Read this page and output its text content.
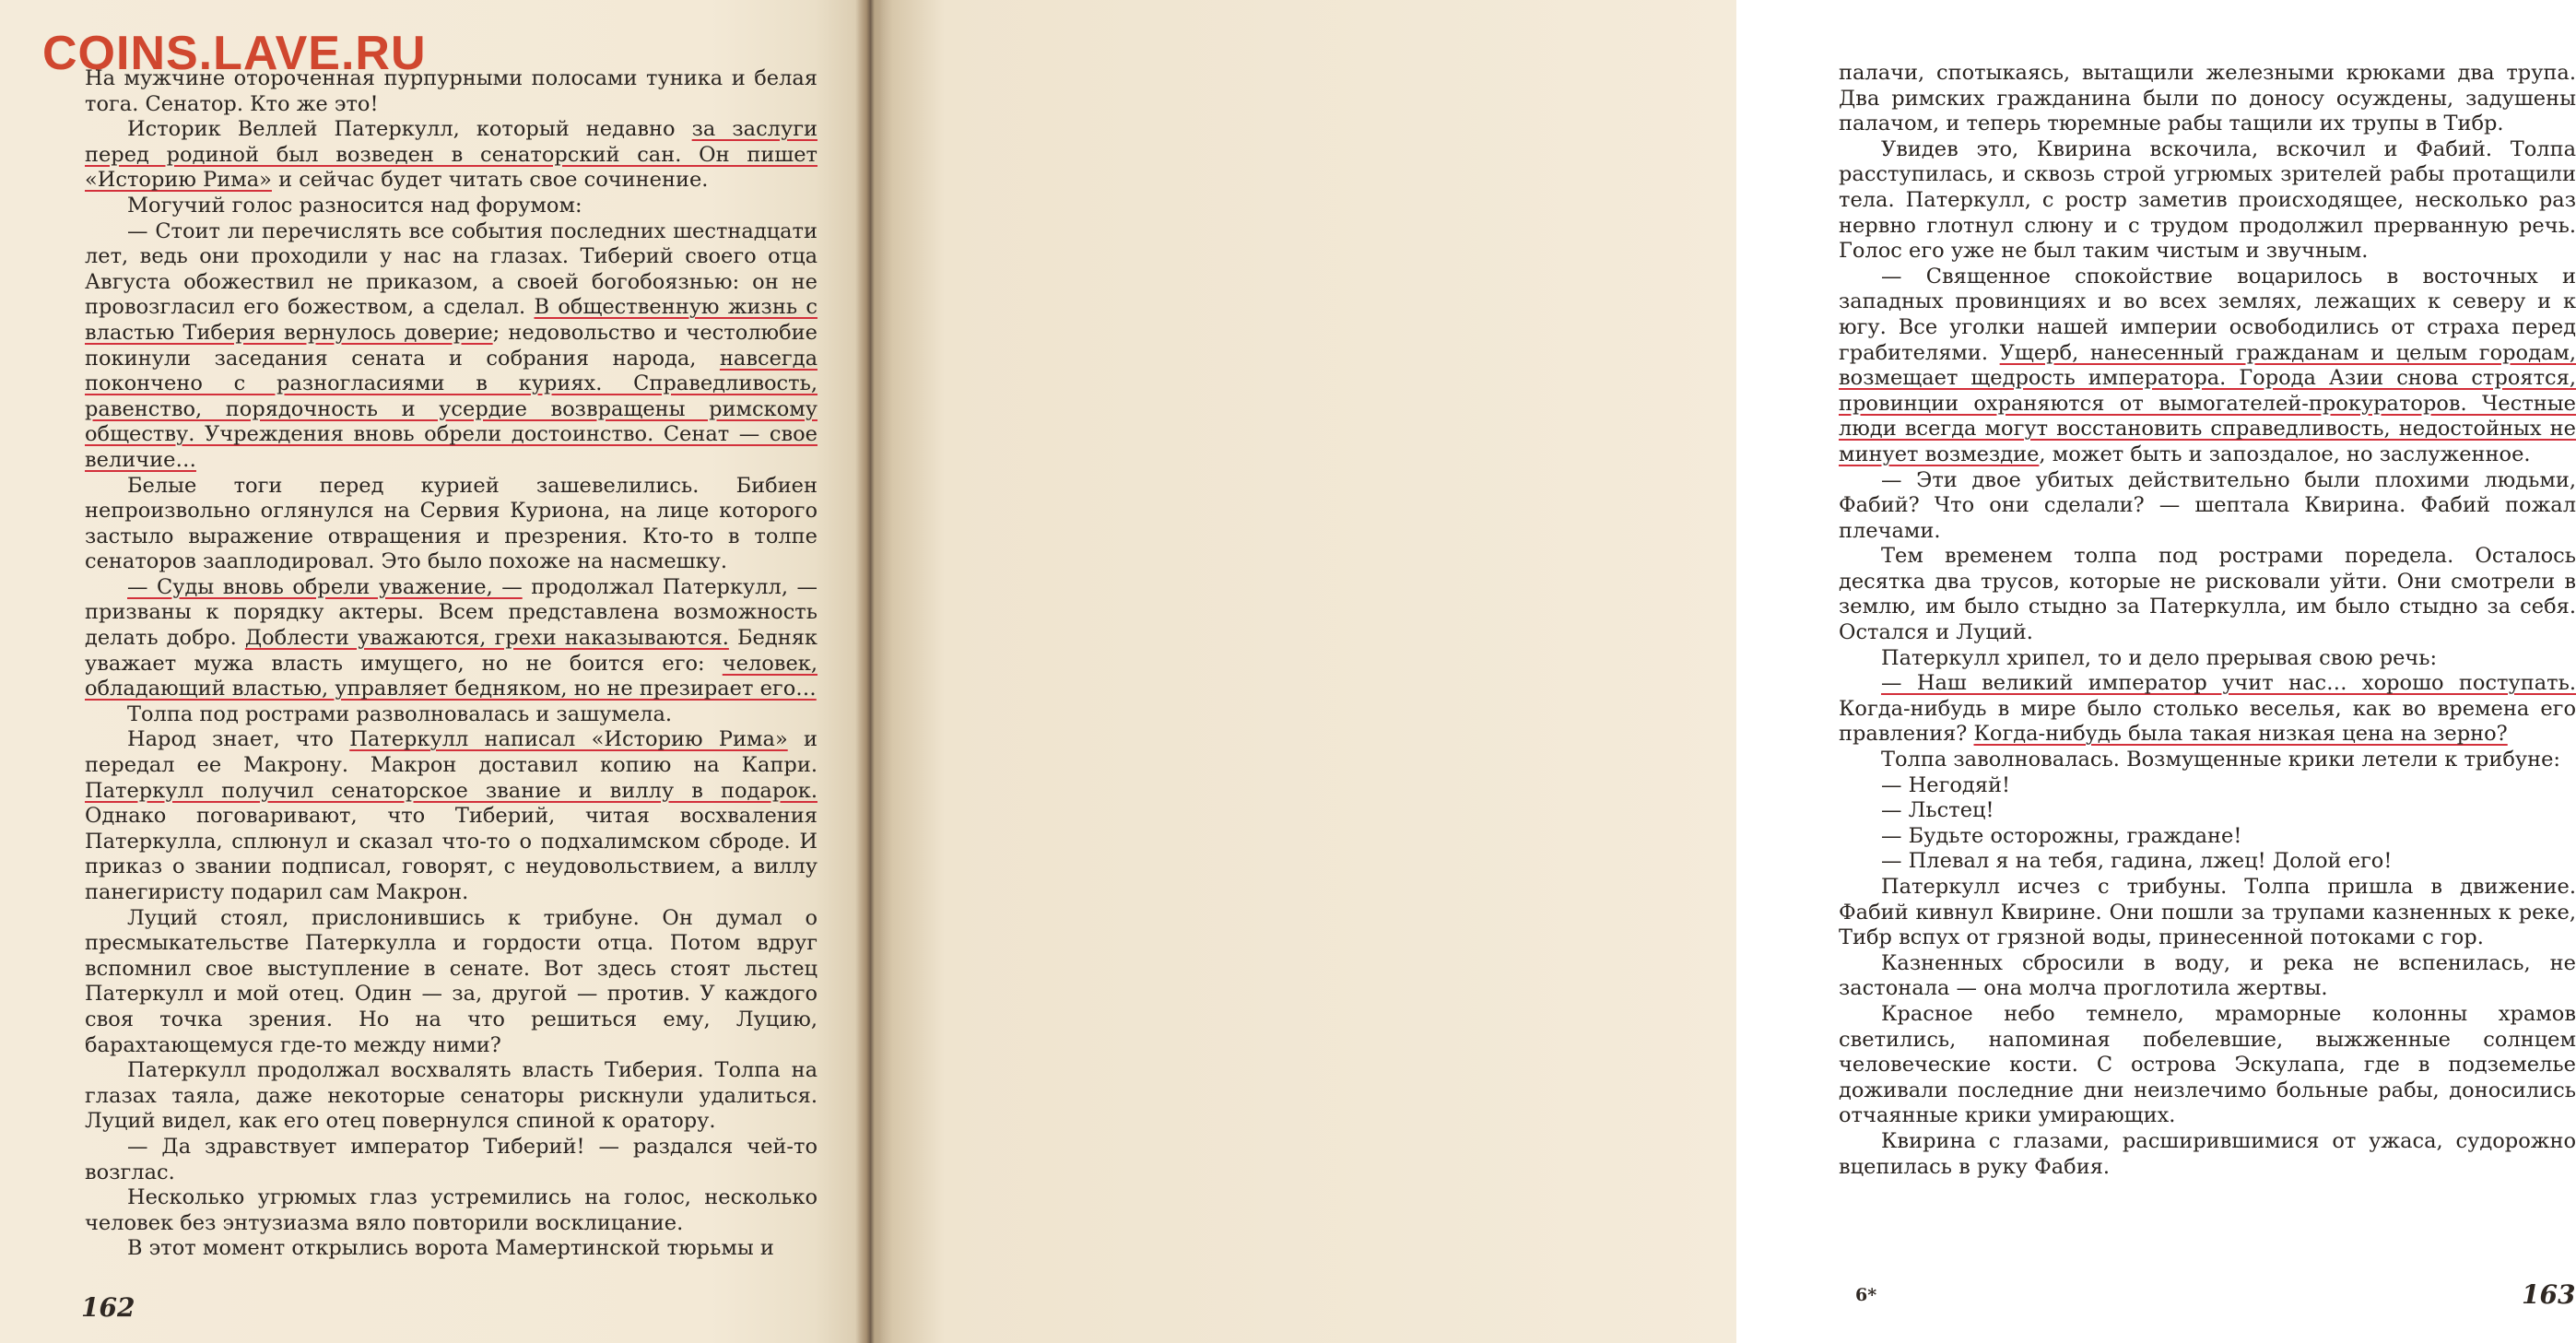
На мужчине отороченная пурпурными полосами туника и белая тога. Сенатор. Кто же это!

Историк Веллей Патеркулл, который недавно за заслуги перед родиной был возведен в сенаторский сан. Он пишет «Историю Рима» и сейчас будет читать свое сочинение.

Могучий голос разносится над форумом:

— Стоит ли перечислять все события последних шестнадцати лет, ведь они проходили у нас на глазах. Тиберий своего отца Августа обожествил не приказом, а своей богобоязнью: он не провозгласил его божеством, а сделал. В общественную жизнь с властью Тиберия вернулось доверие; недовольство и честолюбие покинули заседания сената и собрания народа, навсегда покончено с разногласиями в куриях. Справедливость, равенство, порядочность и усердие возвращены римскому обществу. Учреждения вновь обрели достоинство. Сенат — свое величие…

Белые тоги перед курией зашевелились. Бибиен непроизвольно оглянулся на Сервия Куриона, на лице которого застыло выражение отвращения и презрения. Кто-то в толпе сенаторов зааплодировал. Это было похоже на насмешку.

— Суды вновь обрели уважение, — продолжал Патеркулл, — призваны к порядку актеры. Всем представлена возможность делать добро. Доблести уважаются, грехи наказываются. Бедняк уважает мужа власть имущего, но не боится его: человек, обладающий властью, управляет бедняком, но не презирает его…

Толпа под рострами разволновалась и зашумела.

Народ знает, что Патеркулл написал «Историю Рима» и передал ее Макрону. Макрон доставил копию на Капри. Патеркулл получил сенаторское звание и виллу в подарок. Однако поговаривают, что Тиберий, читая восхваления Патеркулла, сплюнул и сказал что-то о подхалимском сброде. И приказ о звании подписал, говорят, с неудовольствием, а виллу панегиристу подарил сам Макрон.

Луций стоял, прислонившись к трибуне. Он думал о пресмыкательстве Патеркулла и гордости отца. Потом вдруг вспомнил свое выступление в сенате. Вот здесь стоят льстец Патеркулл и мой отец. Один — за, другой — против. У каждого своя точка зрения. Но на что решиться ему, Луцию, барахтающемуся где-то между ними?

Патеркулл продолжал восхвалять власть Тиберия. Толпа на глазах таяла, даже некоторые сенаторы рискнули удалиться. Луций видел, как его отец повернулся спиной к оратору.

— Да здравствует император Тиберий! — раздался чей-то возглас.

Несколько угрюмых глаз устремились на голос, несколько человек без энтузиазма вяло повторили восклицание.

В этот момент открылись ворота Мамертинской тюрьмы и

162

палачи, спотыкаясь, вытащили железными крюками два трупа. Два римских гражданина были по доносу осуждены, задушены палачом, и теперь тюремные рабы тащили их трупы в Тибр.

Увидев это, Квирина вскочила, вскочил и Фабий. Толпа расступилась, и сквозь строй угрюмых зрителей рабы протащили тела. Патеркулл, с ростр заметив происходящее, несколько раз нервно глотнул слюну и с трудом продолжил прерванную речь. Голос его уже не был таким чистым и звучным.

— Священное спокойствие воцарилось в восточных и западных провинциях и во всех землях, лежащих к северу и к югу. Все уголки нашей империи освободились от страха перед грабителями. Ущерб, нанесенный гражданам и целым городам, возмещает щедрость императора. Города Азии снова строятся, провинции охраняются от вымогателей-прокураторов. Честные люди всегда могут восстановить справедливость, недостойных не минует возмездие, может быть и запоздалое, но заслуженное.

— Эти двое убитых действительно были плохими людьми, Фабий? Что они сделали? — шептала Квирина. Фабий пожал плечами.

Тем временем толпа под рострами поредела. Осталось десятка два трусов, которые не рисковали уйти. Они смотрели в землю, им было стыдно за Патеркулла, им было стыдно за себя. Остался и Луций.

Патеркулл хрипел, то и дело прерывая свою речь:

— Наш великий император учит нас… хорошо поступать. Когда-нибудь в мире было столько веселья, как во времена его правления? Когда-нибудь была такая низкая цена на зерно?

Толпа заволновалась. Возмущенные крики летели к трибуне:

— Негодяй!

— Льстец!

— Будьте осторожны, граждане!

— Плевал я на тебя, гадина, лжец! Долой его!

Патеркулл исчез с трибуны. Толпа пришла в движение. Фабий кивнул Квирине. Они пошли за трупами казненных к реке, Тибр вспух от грязной воды, принесенной потоками с гор.

Казненных сбросили в воду, и река не вспенилась, не застонала — она молча проглотила жертвы.

Красное небо темнело, мраморные колонны храмов светились, напоминая побелевшие, выжженные солнцем человеческие кости. С острова Эскулапа, где в подземелье доживали последние дни неизлечимо больные рабы, доносились отчаянные крики умирающих.

Квирина с глазами, расширившимися от ужаса, судорожно вцепилась в руку Фабия.

6*	163
COINS.LAVE.RU
